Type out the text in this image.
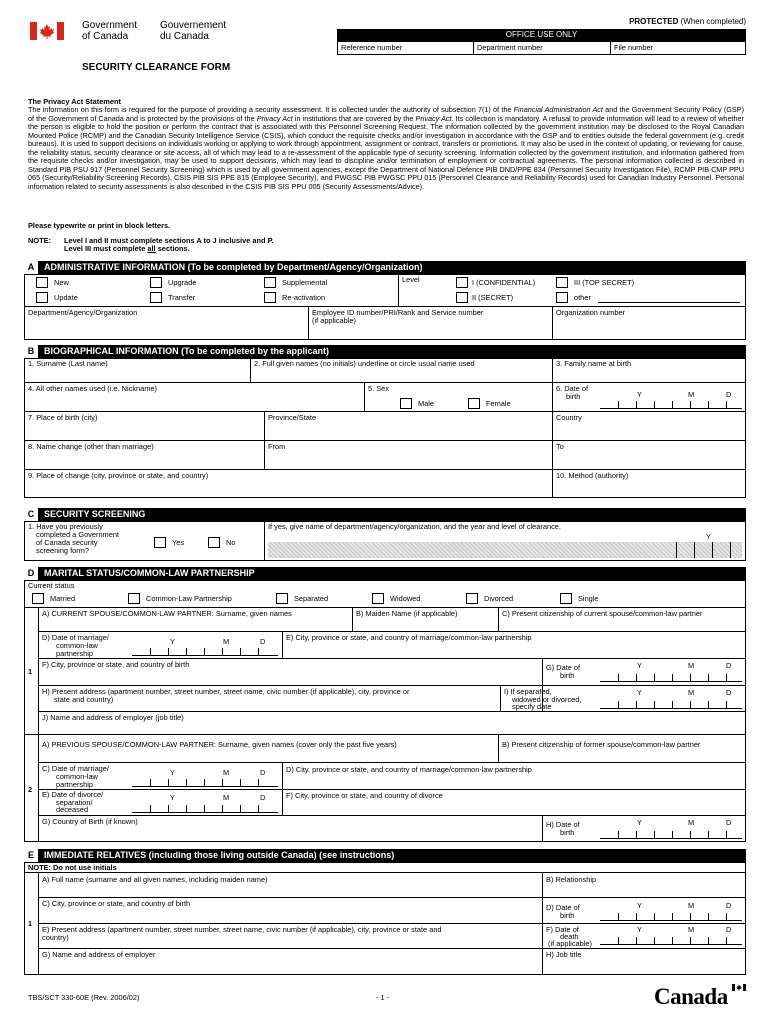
Government
of Canada
Gouvernement
du Canada
PROTECTED (When completed)
OFFICE USE ONLY
Reference number	Department number	File number
SECURITY CLEARANCE FORM
The Privacy Act Statement
The information on this form is required for the purpose of providing a security assessment. It is collected under the authority of subsection 7(1) of the Financial Administration Act and the Government Security Policy (GSP) of the Government of Canada and is protected by the provisions of the Privacy Act in institutions that are covered by the Privacy Act. Its collection is mandatory. A refusal to provide information will lead to a review of whether the person is eligible to hold the position or perform the contract that is associated with this Personnel Screening Request. The information collected by the government institution may be disclosed to the Royal Canadian Mounted Police (RCMP) and the Canadian Security Intelligence Service (CSIS), which conduct the requisite checks and/or investigation in accordance with the GSP and to entities outside the federal government (e.g. credit bureaus). It is used to support decisions on individuals working or applying to work through appointment, assignment or contract, transfers or promotions. It may also be used in the context of updating, or reviewing for cause, the reliability status, security clearance or site access, all of which may lead to a re-assessment of the applicable type of security screening. Information collected by the government institution, and information gathered from the requisite checks and/or investigation, may be used to support decisions, which may lead to discipline and/or termination of employment or contractual agreements. The personal information collected is described in Standard PIB PSU 917 (Personnel Security Screening) which is used by all government agencies, except the Department of National Defence PIB DND/PPE 834 (Personnel Security Investigation File), RCMP PIB CMP PPU 065 (Security/Reliability Screening Records), CSIS PIB SIS PPE 815 (Employee Security), and PWGSC PIB PWGSC PPU 015 (Personnel Clearance and Reliability Records) used for Canadian Industry Personnel. Personal information related to security assessments is also described in the CSIS PIB SIS PPU 005 (Security Assessments/Advice).
Please typewrite or print in block letters.
NOTE: Level I and II must complete sections A to J inclusive and P.
Level III must complete all sections.
A ADMINISTRATIVE INFORMATION (To be completed by Department/Agency/Organization)
New	Upgrade	Supplemental
Update	Transfer	Re-activation
Level	I (CONFIDENTIAL)
II (SECRET)
III (TOP SECRET)
other
Department/Agency/Organization	Employee ID number/PRI/Rank and Service number
(if applicable)
Organization number
B BIOGRAPHICAL INFORMATION (To be completed by the applicant)
1. Surname (Last name)	2. Full given names (no initials) underline or circle usual name used	3. Family name at birth
4. All other names used (i.e. Nickname)	5. Sex
Male	Female
6. Date of
birth	Y	M	D
7. Place of birth (city)	Province/State	Country
8. Name change (other than marriage)	From	To
9. Place of change (city, province or state, and country)	10. Method (authority)
C SECURITY SCREENING
1. Have you previously
completed a Government
of Canada security
screening form?
Yes	No
If yes, give name of department/agency/organization, and the year and level of clearance.
Y
D MARITAL STATUS/COMMON-LAW PARTNERSHIP
Current status
Married	Common-Law Partnership	Separated	Widowed	Divorced	Single
1
2
A) CURRENT SPOUSE/COMMON-LAW PARTNER: Surname, given names	B) Maiden Name (if applicable)	C) Present citizenship of current spouse/common-law partner
D) Date of marriage/
common-law
partnership
Y	M	D	E) City, province or state, and country of marriage/common-law partnership
F) City, province or state, and country of birth	G) Date of
birth
Y	M	D
H) Present address (apartment number, street number, street name, civic number (if applicable), city, province or
state and country)
I) If separated,
widowed or divorced,
specify date
Y	M	D
J) Name and address of employer (job title)
A) PREVIOUS SPOUSE/COMMON-LAW PARTNER: Surname, given names (cover only the past five years)	B) Present citizenship of former spouse/common-law partner
C) Date of marriage/
common-law
partnership
Y	M	D	D) City, province or state, and country of marriage/common-law partnership
E) Date of divorce/
separation/
deceased
Y	M	D	F) City, province or state, and country of divorce
G) Country of Birth (if known)	H) Date of
birth
Y	M	D
E IMMEDIATE RELATIVES (including those living outside Canada) (see instructions)
NOTE: Do not use initials
1
A) Full name (surname and all given names, including maiden name)	B) Relationship
C) City, province or state, and country of birth	D) Date of
birth
Y	M	D
E) Present address (apartment number, street number, street name, civic number (if applicable), city, province or state and
country)
F) Date of
death
(if applicable)
Y	M	D
G) Name and address of employer	H) Job title
TBS/SCT 330-60E (Rev. 2006/02)	- 1 -	Canada
